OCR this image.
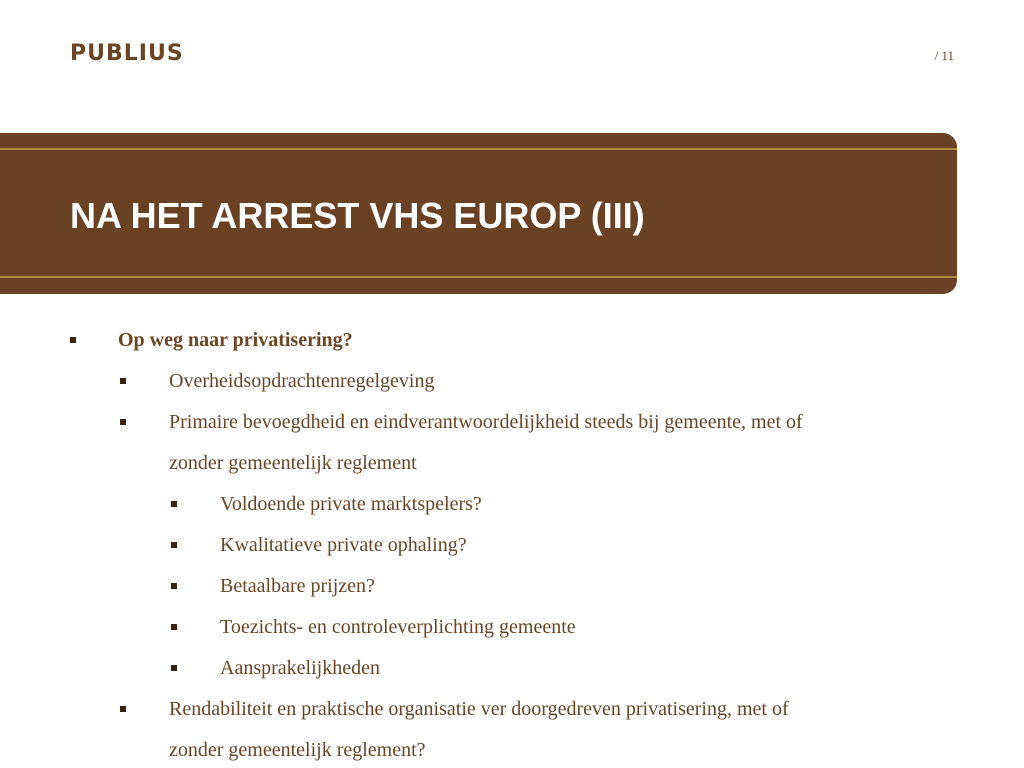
PUBLIUS	/ 11
NA HET ARREST VHS EUROP (III)
Op weg naar privatisering?
Overheidsopdrachtenregelgeving
Primaire bevoegdheid en eindverantwoordelijkheid steeds bij gemeente, met of
zonder gemeentelijk reglement
Voldoende private marktspelers?
Kwalitatieve private ophaling?
Betaalbare prijzen?
Toezichts- en controleverplichting gemeente
Aansprakelijkheden
Rendabiliteit en praktische organisatie ver doorgedreven privatisering, met of
zonder gemeentelijk reglement?
